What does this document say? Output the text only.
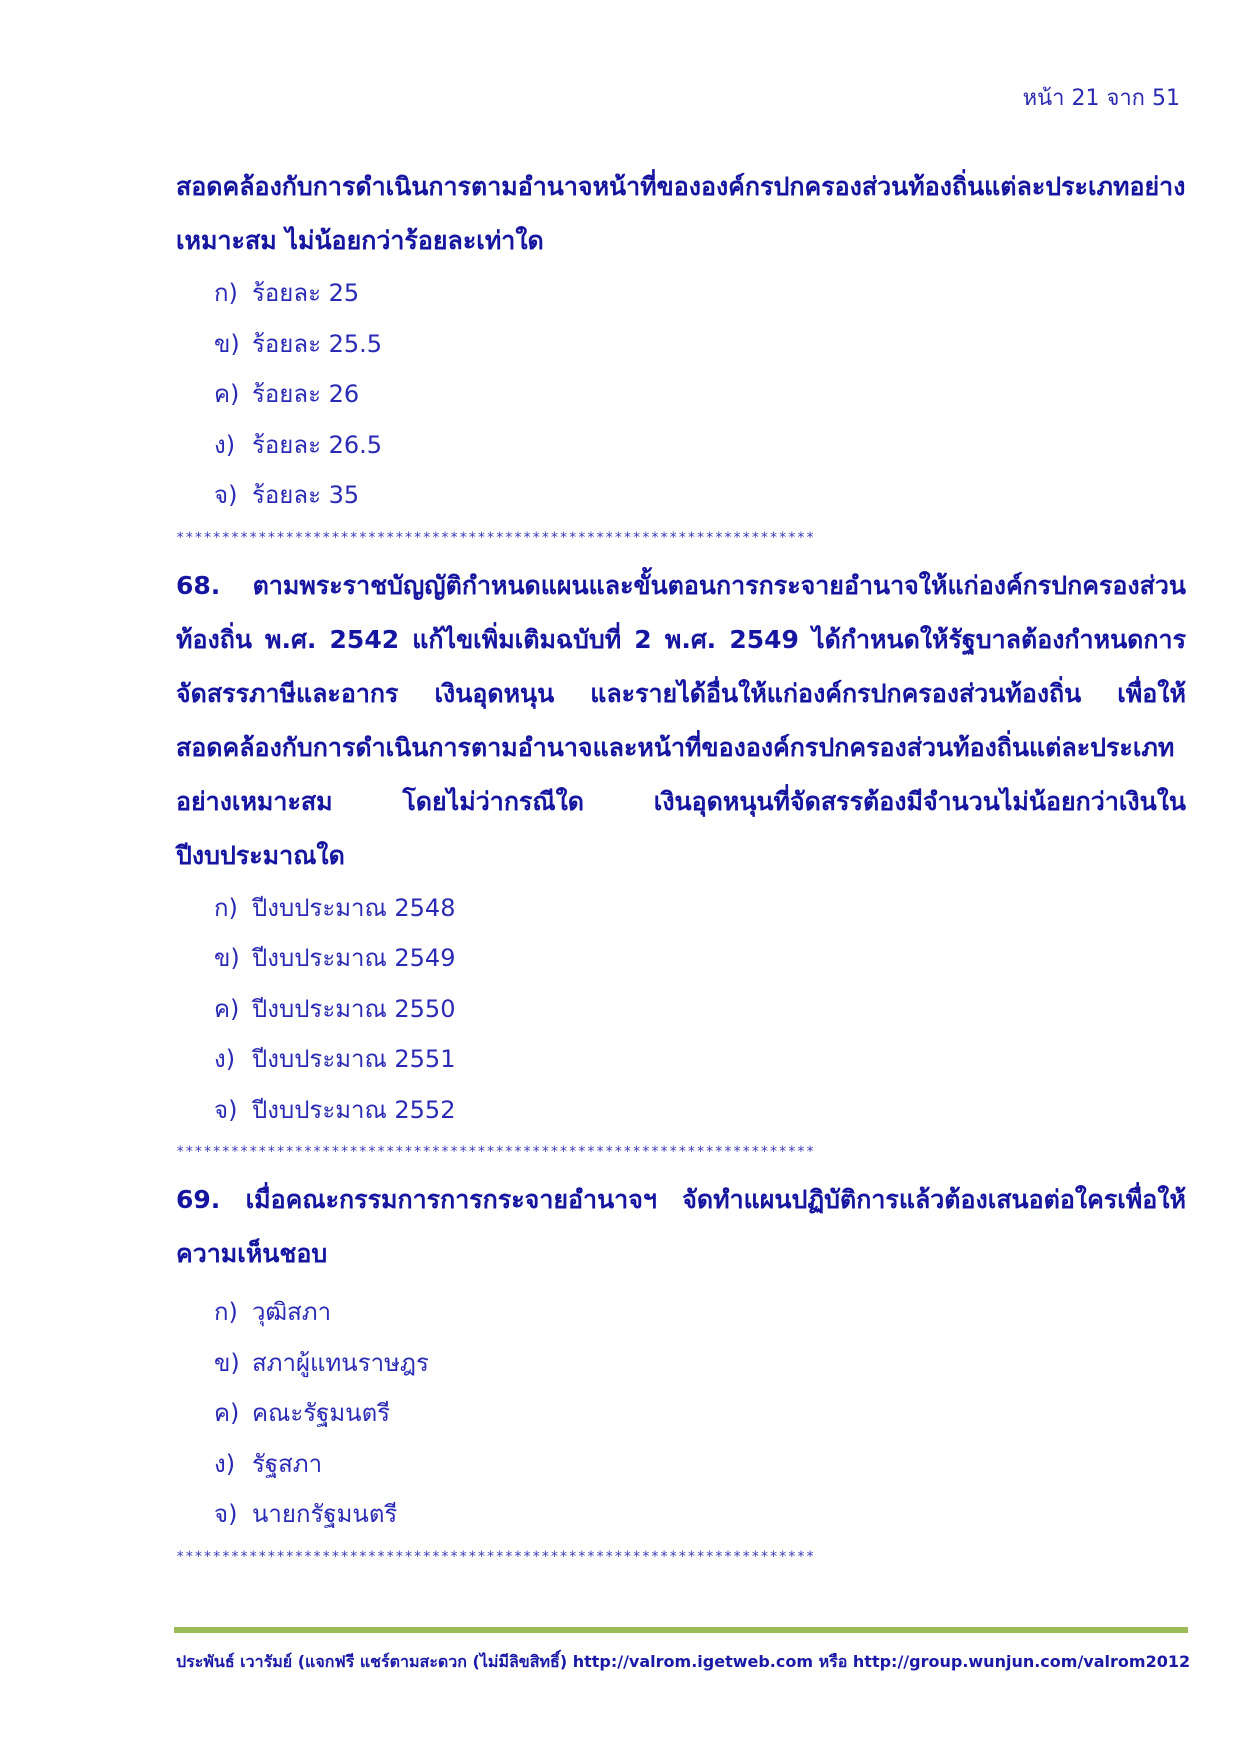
หน้า 21 จาก 51
สอดคล้องกับการดำเนินการตามอำนาจหน้าที่ขององค์กรปกครองส่วนท้องถิ่นแต่ละประเภทอย่างเหมาะสม ไม่น้อยกว่าร้อยละเท่าใด
ก) ร้อยละ 25
ข) ร้อยละ 25.5
ค) ร้อยละ 26
ง) ร้อยละ 26.5
จ) ร้อยละ 35
**********************************************************************
68. ตามพระราชบัญญัติกำหนดแผนและขั้นตอนการกระจายอำนาจให้แก่องค์กรปกครองส่วนท้องถิ่น พ.ศ. 2542 แก้ไขเพิ่มเติมฉบับที่ 2 พ.ศ. 2549 ได้กำหนดให้รัฐบาลต้องกำหนดการจัดสรรภาษีและอากร เงินอุดหนุน และรายได้อื่นให้แก่องค์กรปกครองส่วนท้องถิ่น เพื่อให้สอดคล้องกับการดำเนินการตามอำนาจและหน้าที่ขององค์กรปกครองส่วนท้องถิ่นแต่ละประเภทอย่างเหมาะสม โดยไม่ว่ากรณีใด เงินอุดหนุนที่จัดสรรต้องมีจำนวนไม่น้อยกว่าเงินในปีงบประมาณใด
ก) ปีงบประมาณ 2548
ข) ปีงบประมาณ 2549
ค) ปีงบประมาณ 2550
ง) ปีงบประมาณ 2551
จ) ปีงบประมาณ 2552
**********************************************************************
69. เมื่อคณะกรรมการการกระจายอำนาจฯ จัดทำแผนปฏิบัติการแล้วต้องเสนอต่อใครเพื่อให้ความเห็นชอบ
ก) วุฒิสภา
ข) สภาผู้แทนราษฎร
ค) คณะรัฐมนตรี
ง) รัฐสภา
จ) นายกรัฐมนตรี
**********************************************************************
ประพันธ์ เวารัมย์ (แจกฟรี แชร์ตามสะดวก (ไม่มีลิขสิทธิ์) http://valrom.igetweb.com หรือ http://group.wunjun.com/valrom2012
